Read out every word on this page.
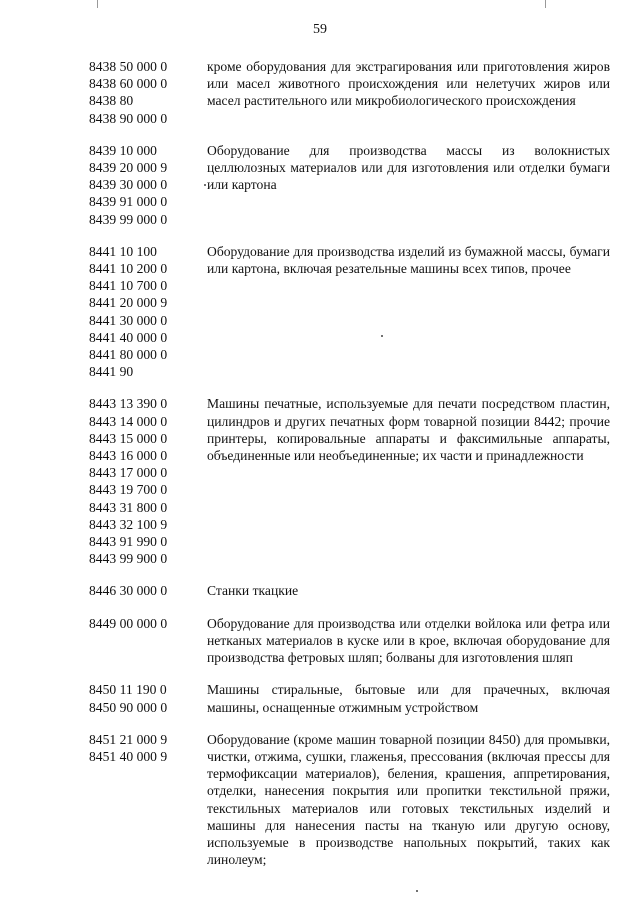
59
8438 50 000 0
8438 60 000 0
8438 80
8438 90 000 0
кроме оборудования для экстрагирования или приготовления жиров или масел животного происхождения или нелетучих жиров или масел растительного или микробиологического происхождения
8439 10 000
8439 20 000 9
8439 30 000 0
8439 91 000 0
8439 99 000 0
Оборудование для производства массы из волокнистых целлюлозных материалов или для изготовления или отделки бумаги или картона
8441 10 100
8441 10 200 0
8441 10 700 0
8441 20 000 9
8441 30 000 0
8441 40 000 0
8441 80 000 0
8441 90
Оборудование для производства изделий из бумажной массы, бумаги или картона, включая резательные машины всех типов, прочее
8443 13 390 0
8443 14 000 0
8443 15 000 0
8443 16 000 0
8443 17 000 0
8443 19 700 0
8443 31 800 0
8443 32 100 9
8443 91 990 0
8443 99 900 0
Машины печатные, используемые для печати посредством пластин, цилиндров и других печатных форм товарной позиции 8442; прочие принтеры, копировальные аппараты и факсимильные аппараты, объединенные или необъединенные; их части и принадлежности
8446 30 000 0	Станки ткацкие
8449 00 000 0	Оборудование для производства или отделки войлока или фетра или нетканых материалов в куске или в крое, включая оборудование для производства фетровых шляп; болваны для изготовления шляп
8450 11 190 0
8450 90 000 0
Машины стиральные, бытовые или для прачечных, включая машины, оснащенные отжимным устройством
8451 21 000 9
8451 40 000 9
Оборудование (кроме машин товарной позиции 8450) для промывки, чистки, отжима, сушки, глаженья, прессования (включая прессы для термофиксации материалов), беления, крашения, аппретирования, отделки, нанесения покрытия или пропитки текстильной пряжи, текстильных материалов или готовых текстильных изделий и машины для нанесения пасты на тканую или другую основу, используемые в производстве напольных покрытий, таких как линолеум;
